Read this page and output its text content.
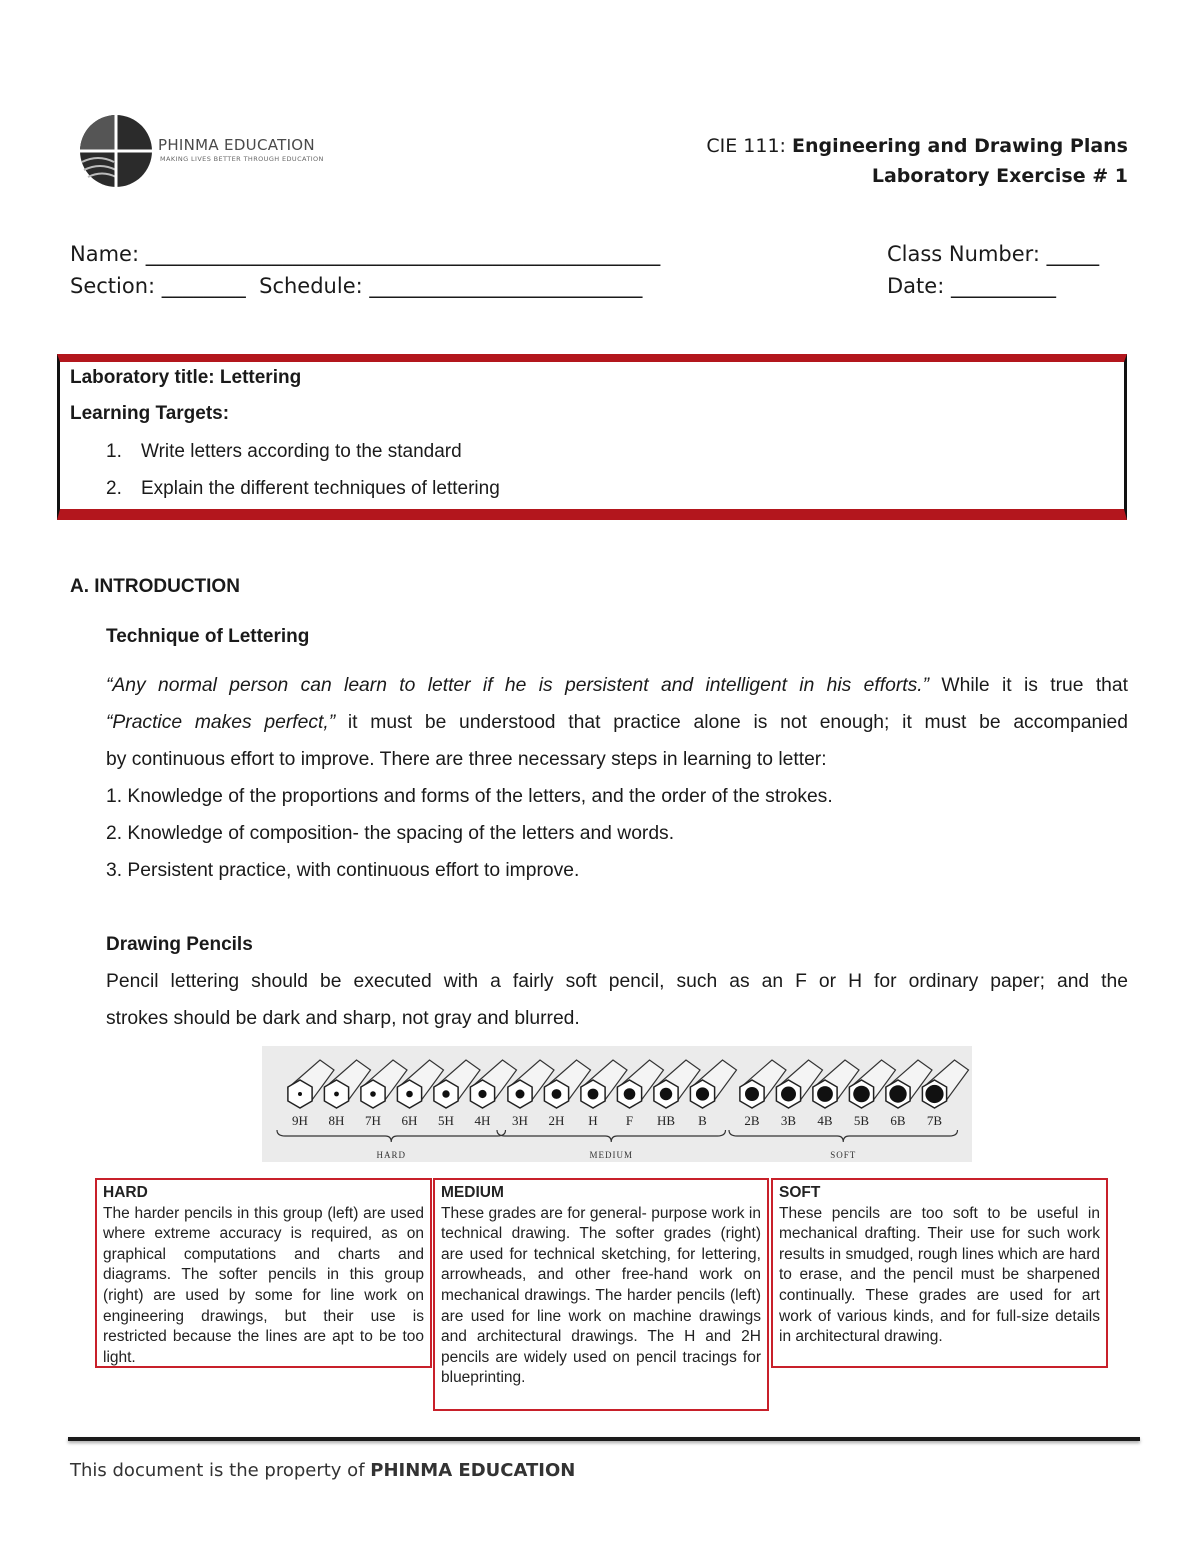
PHINMA EDUCATION
MAKING LIVES BETTER THROUGH EDUCATION
CIE 111: Engineering and Drawing Plans
Laboratory Exercise # 1
Name: _________________________________________________	Class Number: _____
Section: ________  Schedule: __________________________	Date: __________
Laboratory title: Lettering
Learning Targets:
1. Write letters according to the standard
2. Explain the different techniques of lettering
A. INTRODUCTION
Technique of Lettering
“Any normal person can learn to letter if he is persistent and intelligent in his efforts.” While it is true that
“Practice makes perfect,” it must be understood that practice alone is not enough; it must be accompanied
by continuous effort to improve. There are three necessary steps in learning to letter:
1. Knowledge of the proportions and forms of the letters, and the order of the strokes.
2. Knowledge of composition- the spacing of the letters and words.
3. Persistent practice, with continuous effort to improve.
Drawing Pencils
Pencil lettering should be executed with a fairly soft pencil, such as an F or H for ordinary paper; and the
strokes should be dark and sharp, not gray and blurred.
9H 8H 7H 6H 5H 4H 3H 2H H F HB B	2B 3B 4B 5B 6B 7B
HARD	MEDIUM	SOFT
HARD
The harder pencils in this group (left) are used where extreme accuracy is required, as on graphical computations and charts and diagrams. The softer pencils in this group (right) are used by some for line work on engineering drawings, but their use is restricted because the lines are apt to be too light.
MEDIUM
These grades are for general- purpose work in technical drawing. The softer grades (right) are used for technical sketching, for lettering, arrowheads, and other free-hand work on mechanical drawings. The harder pencils (left) are used for line work on machine drawings and architectural drawings. The H and 2H pencils are widely used on pencil tracings for blueprinting.
SOFT
These pencils are too soft to be useful in mechanical drafting. Their use for such work results in smudged, rough lines which are hard to erase, and the pencil must be sharpened continually. These grades are used for art work of various kinds, and for full-size details in architectural drawing.
This document is the property of PHINMA EDUCATION
